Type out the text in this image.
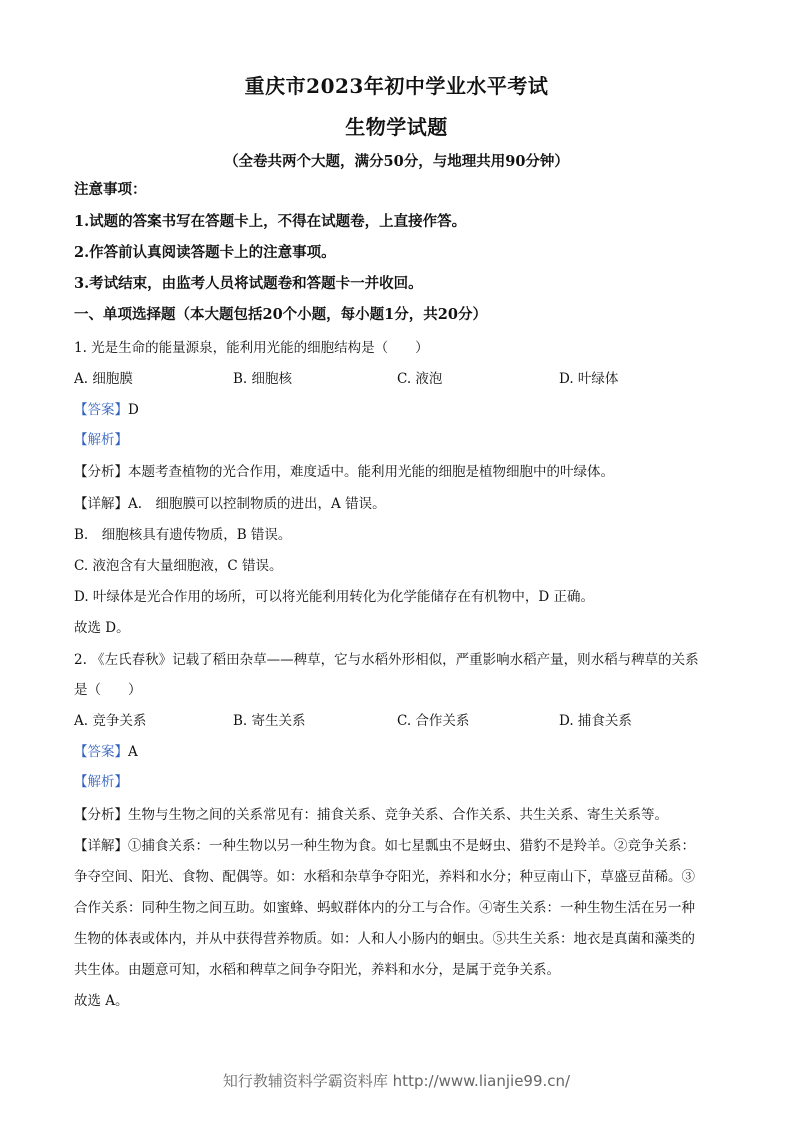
重庆市2023年初中学业水平考试
生物学试题
（全卷共两个大题，满分50分，与地理共用90分钟）
注意事项：
1.试题的答案书写在答题卡上，不得在试题卷，上直接作答。
2.作答前认真阅读答题卡上的注意事项。
3.考试结束，由监考人员将试题卷和答题卡一并收回。
一、单项选择题（本大题包括20个小题，每小题1分，共20分）
1. 光是生命的能量源泉，能利用光能的细胞结构是（　　）
A. 细胞膜	B. 细胞核	C. 液泡	D. 叶绿体
【答案】D
【解析】
【分析】本题考查植物的光合作用，难度适中。能利用光能的细胞是植物细胞中的叶绿体。
【详解】A.　细胞膜可以控制物质的进出，A 错误。
B.　细胞核具有遗传物质，B 错误。
C. 液泡含有大量细胞液，C 错误。
D. 叶绿体是光合作用的场所，可以将光能利用转化为化学能储存在有机物中，D 正确。
故选 D。
2. 《左氏春秋》记载了稻田杂草——稗草，它与水稻外形相似，严重影响水稻产量，则水稻与稗草的关系
是（　　）
A. 竞争关系	B. 寄生关系	C. 合作关系	D. 捕食关系
【答案】A
【解析】
【分析】生物与生物之间的关系常见有：捕食关系、竞争关系、合作关系、共生关系、寄生关系等。
【详解】①捕食关系：一种生物以另一种生物为食。如七星瓢虫不是蚜虫、猎豹不是羚羊。②竞争关系：
争夺空间、阳光、食物、配偶等。如：水稻和杂草争夺阳光，养料和水分；种豆南山下，草盛豆苗稀。③
合作关系：同种生物之间互助。如蜜蜂、蚂蚁群体内的分工与合作。④寄生关系：一种生物生活在另一种
生物的体表或体内，并从中获得营养物质。如：人和人小肠内的蛔虫。⑤共生关系：地衣是真菌和藻类的
共生体。由题意可知，水稻和稗草之间争夺阳光，养料和水分，是属于竞争关系。
故选 A。
知行教辅资料学霸资料库 http://www.lianjie99.cn/
